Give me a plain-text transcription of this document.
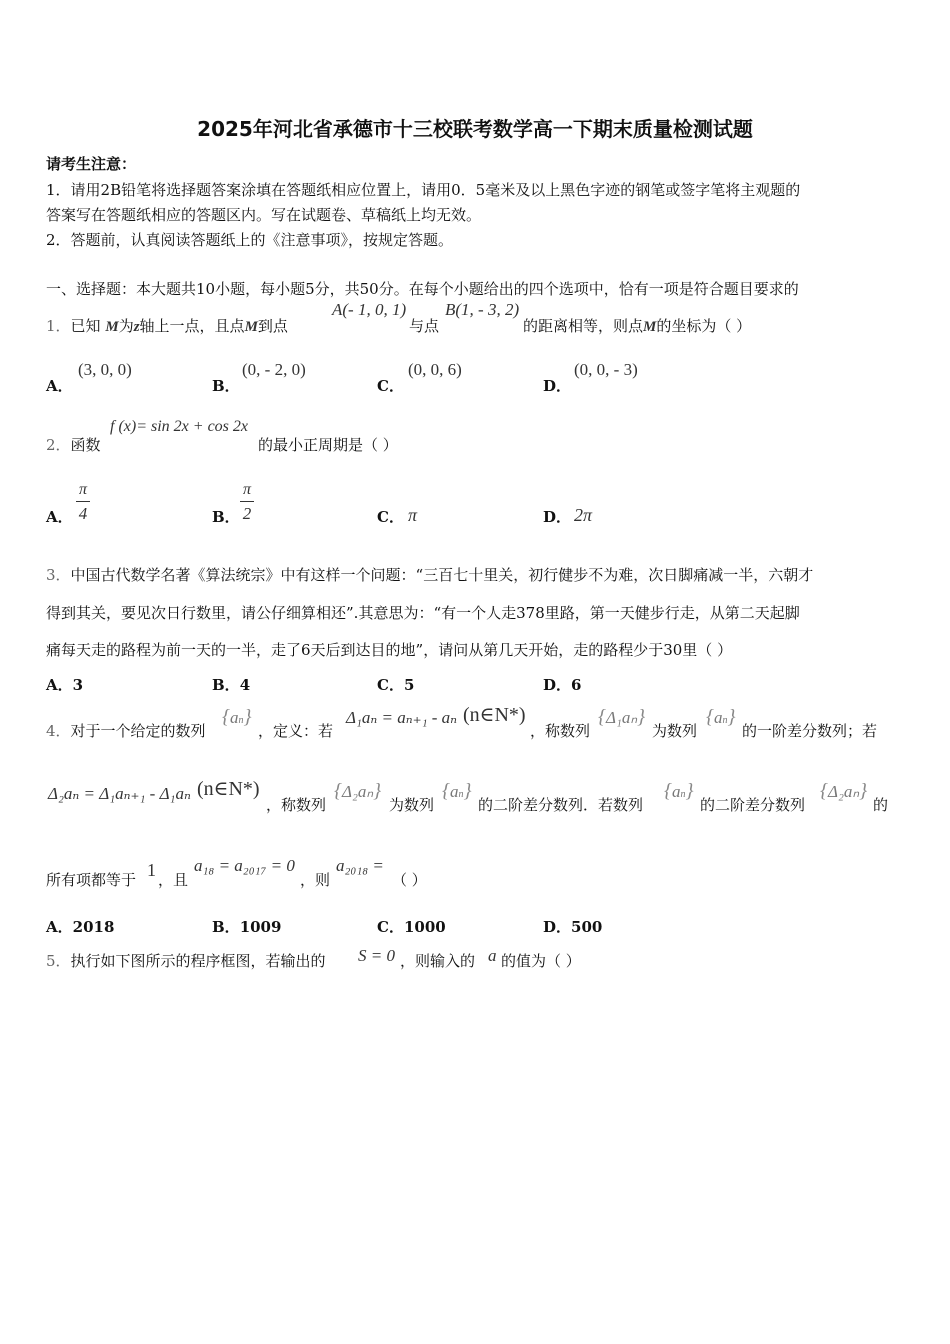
2025年河北省承德市十三校联考数学高一下期末质量检测试题
请考生注意：
1．请用2B铅笔将选择题答案涂填在答题纸相应位置上，请用0．5毫米及以上黑色字迹的钢笔或签字笔将主观题的
答案写在答题纸相应的答题区内。写在试题卷、草稿纸上均无效。
2．答题前，认真阅读答题纸上的《注意事项》，按规定答题。
一、选择题：本大题共10小题，每小题5分，共50分。在每个小题给出的四个选项中，恰有一项是符合题目要求的
1．已知 M为z轴上一点，且点M到点
A(- 1, 0, 1)
与点
B(1, - 3, 2)
的距离相等，则点M的坐标为（ ）
A．
(3, 0, 0)
B．
(0, - 2, 0)
C．
(0, 0, 6)
D．
(0, 0, - 3)
2．函数
f (x)= sin 2x + cos 2x
的最小正周期是（ ）
A． $\frac{\pi}{4}$	B． $\frac{\pi}{2}$	C． π	D． 2π
3．中国古代数学名著《算法统宗》中有这样一个问题：“三百七十里关，初行健步不为难，次日脚痛减一半，六朝才
得到其关，要见次日行数里，请公仔细算相还”.其意思为：“有一个人走378里路，第一天健步行走，从第二天起脚
痛每天走的路程为前一天的一半，走了6天后到达目的地”，请问从第几天开始，走的路程少于30里（ ）
A．3	B．4	C．5	D．6
4．对于一个给定的数列
{an}
，定义：若
Δ₁aₙ = aₙ₊₁ - aₙ (n∈N*)
，称数列
{Δ₁aₙ}
为数列
{an}
的一阶差分数列；若
Δ₂aₙ = Δ₁aₙ₊₁ - Δ₁aₙ (n∈N*)
，称数列
{Δ₂aₙ}
为数列
{an}
的二阶差分数列．若数列
{an}
的二阶差分数列
{Δ₂aₙ}
的
所有项都等于 1 ，且
a₁₈ = a₂₀₁₇ = 0
，则
a₂₀₁₈ =
（ ）
A．2018	B．1009	C．1000	D．500
5．执行如下图所示的程序框图，若输出的 S = 0 ，则输入的 a 的值为（ ）
